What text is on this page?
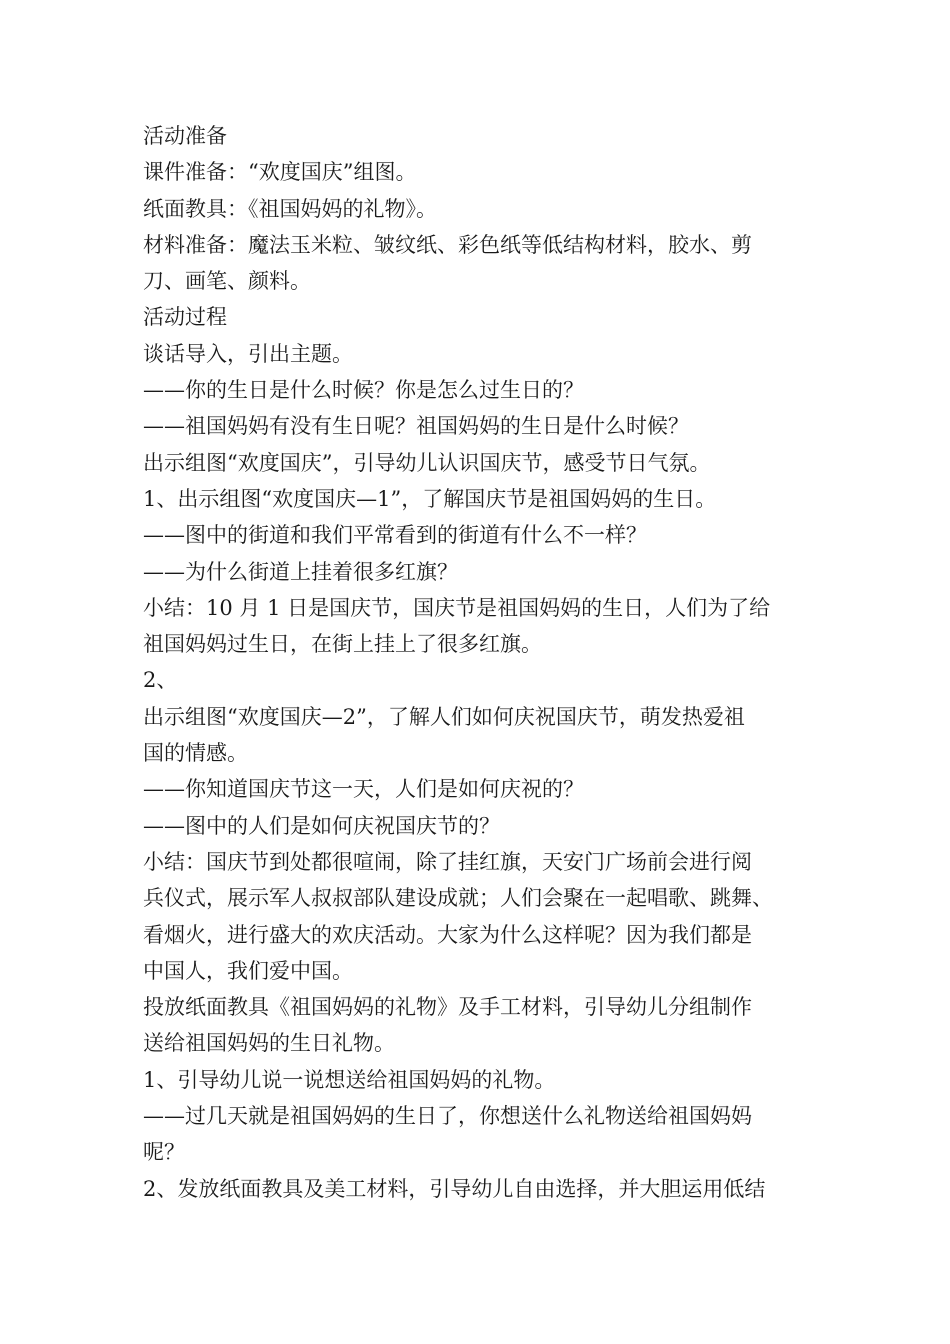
活动准备
课件准备：“欢度国庆”组图。
纸面教具：《祖国妈妈的礼物》。
材料准备：魔法玉米粒、皱纹纸、彩色纸等低结构材料，胶水、剪
刀、画笔、颜料。
活动过程
谈话导入，引出主题。
——你的生日是什么时候？你是怎么过生日的？
——祖国妈妈有没有生日呢？祖国妈妈的生日是什么时候？
出示组图“欢度国庆”，引导幼儿认识国庆节，感受节日气氛。
1、出示组图“欢度国庆—1”，了解国庆节是祖国妈妈的生日。
——图中的街道和我们平常看到的街道有什么不一样？
——为什么街道上挂着很多红旗？
小结：10 月 1 日是国庆节，国庆节是祖国妈妈的生日，人们为了给
祖国妈妈过生日，在街上挂上了很多红旗。
2、
出示组图“欢度国庆—2”，了解人们如何庆祝国庆节，萌发热爱祖
国的情感。
——你知道国庆节这一天，人们是如何庆祝的？
——图中的人们是如何庆祝国庆节的？
小结：国庆节到处都很喧闹，除了挂红旗，天安门广场前会进行阅
兵仪式，展示军人叔叔部队建设成就；人们会聚在一起唱歌、跳舞、
看烟火，进行盛大的欢庆活动。大家为什么这样呢？因为我们都是
中国人，我们爱中国。
投放纸面教具《祖国妈妈的礼物》及手工材料，引导幼儿分组制作
送给祖国妈妈的生日礼物。
1、引导幼儿说一说想送给祖国妈妈的礼物。
——过几天就是祖国妈妈的生日了，你想送什么礼物送给祖国妈妈
呢？
2、发放纸面教具及美工材料，引导幼儿自由选择，并大胆运用低结
